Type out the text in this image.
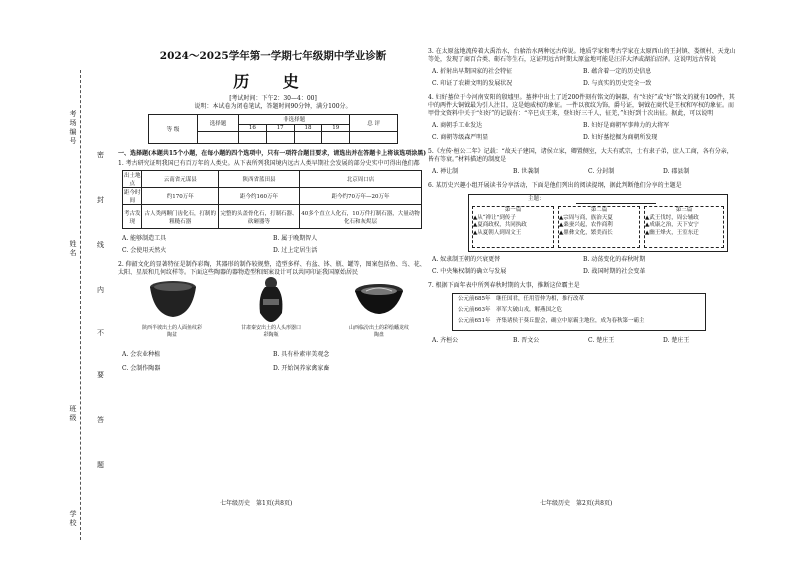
考场编号
姓名
班级
学校
密
封
线
内
不
要
答
题
2024～2025学年第一学期七年级期中学业诊断
历 史
[考试时间：下午2：30—4：00]
说明：本试卷为闭卷笔试，答题时间90分钟，满分100分。
等 级	选择题	非选择题				总 评
		16	17	18	19	

一、选择题(本题共15个小题，在每小题的四个选项中，只有一项符合题目要求，请选出并在答题卡上将该选项涂黑)
1. 考古研究证明我国已有百万年的人类史。从下表所列我国境内远古人类早期社会发展的部分史实中可得出他们都
出土地点	云南省元谋县	陕西省蓝田县	北京周口店
距今时间	约170万年	距今约160万年	距今约70万年—20万年
考古发现	古人类两颗门齿化石，打制的粗糙石器	完整的头盖骨化石，打制石器、砍砸器等	40多个直立人化石，10万件打制石器，大量动物化石和灰烬层
A. 能够制造工具	B. 属于晚期智人
C. 会使用天然火	D. 过上定居生活
2. 仰韶文化的显著特征是制作彩陶，其器形的制作较规整，造型多样、有盆、钵、瓶、罐等，图案包括鱼、鸟、花、太阳、星辰和几何纹样等。下面这些陶器的器物造型和图案设计可以共同印证我国原始居民
陕西半坡出土的人面鱼纹彩陶盆
甘肃秦安出土的人头形器口彩陶瓶
山西临汾出土的彩绘蟠龙纹陶盘
A. 会农业种植	B. 具有朴素审美观念
C. 会制作陶器	D. 开始饲养家禽家畜
七年级历史　第1页(共8页)
3. 在太原盆地流传着大禹治水，台骀治水两种远古传说。地质学家和考古学家在太原西山的王封镇、娄烦村、天龙山等处，发现了商百合类、砺石等生石，这证明远古时期太原盆地可能是汪洋大泽或湖泊沼泽。这说明远古传说
A. 折射出早期国家的社会特征	B. 蕴含着一定的历史信息
C. 印证了农耕文明的发展状况	D. 与真实的历史完全一致
4. 妇好墓位于今河南安阳的殷墟里。墓葬中出土了近200件刻有铭文的铜器，有“妇好”或“好”铭文的就有109件，其中的两件大铜钺最为引人注目，这是她威权的象征。一件以夜纹为饰，爵号证，铜钺在商代是王权和军权的象征。而甲骨文资料中关于“妇好”的记载有：“辛巳贞王来，登妇好三千人，征羌，”妇好到十次出征。据此，可以说明
A. 商朝手工业发达	B. 妇好是商朝军事帅力的大将军
C. 商朝等级森严明显	D. 妇好墓挖掘为商朝所发现
5.《左传·桓公二年》记载：“故天子建国，诸侯立家，卿置侧室，大夫有贰宗，士有隶子弟，庶人工商，各有分亲，皆有等衰。”材料描述的制度是
A. 禅让制	B. 世袭制	C. 分封制	D. 郡县制
6. 某历史兴趣小组开展读书分享活动，下面是他们列出的阅读提纲，据此判断他们分享的主题是
主题：
第一篇
▲从“禅让”到传子
▲夏商政权，共同执政
▲从夏朝人到周文王
第二篇
▲宗周与商，族治天夏
▲桑蚕兴起，农作商利
▲鼎彝文化，繁美而长
第三篇
▲武王伐纣，周公辅政
▲成康之治，天下安宁
▲幽王烽火，王室东迁
A. 奴隶制王朝的兴衰更替	B. 动荡变化的春秋时期
C. 中央集权制的确立与发展	D. 战国时期的社会变革
7. 根据下面年表中所列春秋时期的大事，推断这位霸主是
公元前685年　继任国君，任用管仲为相，推行改革
公元前663年　率军大破山戎，解燕国之危
公元前651年　齐集诸侯于葵丘盟会，确立中原霸主地位，成为春秋第一霸主
A. 齐桓公	B. 晋文公	C. 楚庄王	D. 楚庄王
七年级历史　第2页(共8页)
